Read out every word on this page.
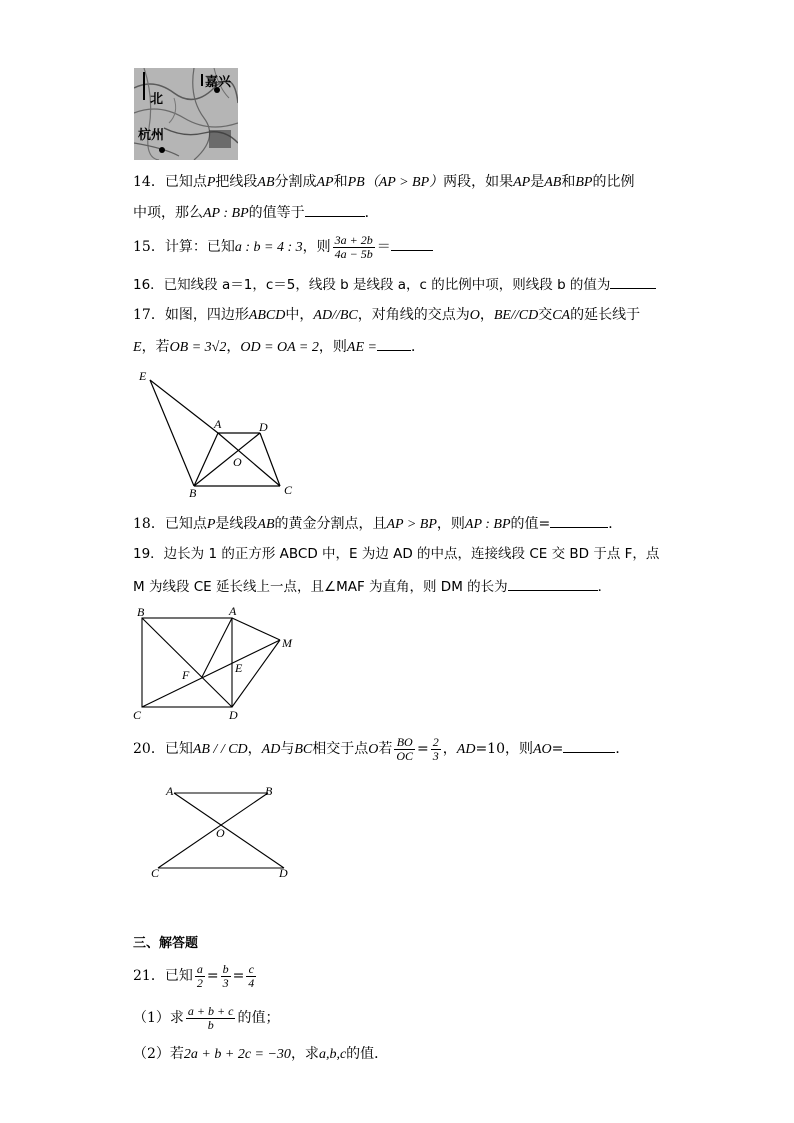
北
嘉兴
杭州
14．已知点P把线段AB分割成AP和PB（AP > BP）两段，如果AP是AB和BP的比例
中项，那么AP : BP的值等于	．
15．计算：已知a : b = 4 : 3，则 $\frac{3a + 2b}{4a - 5b}$ ＝
16．已知线段 a＝1，c＝5，线段 b 是线段 a，c 的比例中项，则线段 b 的值为
17．如图，四边形ABCD中，AD//BC，对角线的交点为O，BE//CD交CA的延长线于
E，若OB = 3√2，OD = OA = 2，则AE = ．
E
A	D
O
B	C
18．已知点P是线段AB的黄金分割点，且AP > BP，则AP : BP的值=	．
19．边长为 1 的正方形 ABCD 中，E 为边 AD 的中点，连接线段 CE 交 BD 于点 F，点
M 为线段 CE 延长线上一点，且∠MAF 为直角，则 DM 的长为	．
B	A
M
F	E
C	D
20．已知AB / / CD，AD与BC相交于点O若 $\frac{BO}{OC} = \frac{2}{3}$ ，AD=10，则AO=	．
A	B
O
C	D
三、解答题
21．已知 $\frac{a}{2} = \frac{b}{3} = \frac{c}{4}$
（1）求 $\frac{a + b + c}{b}$ 的值；
（2）若2a + b + 2c = −30，求a,b,c的值．
